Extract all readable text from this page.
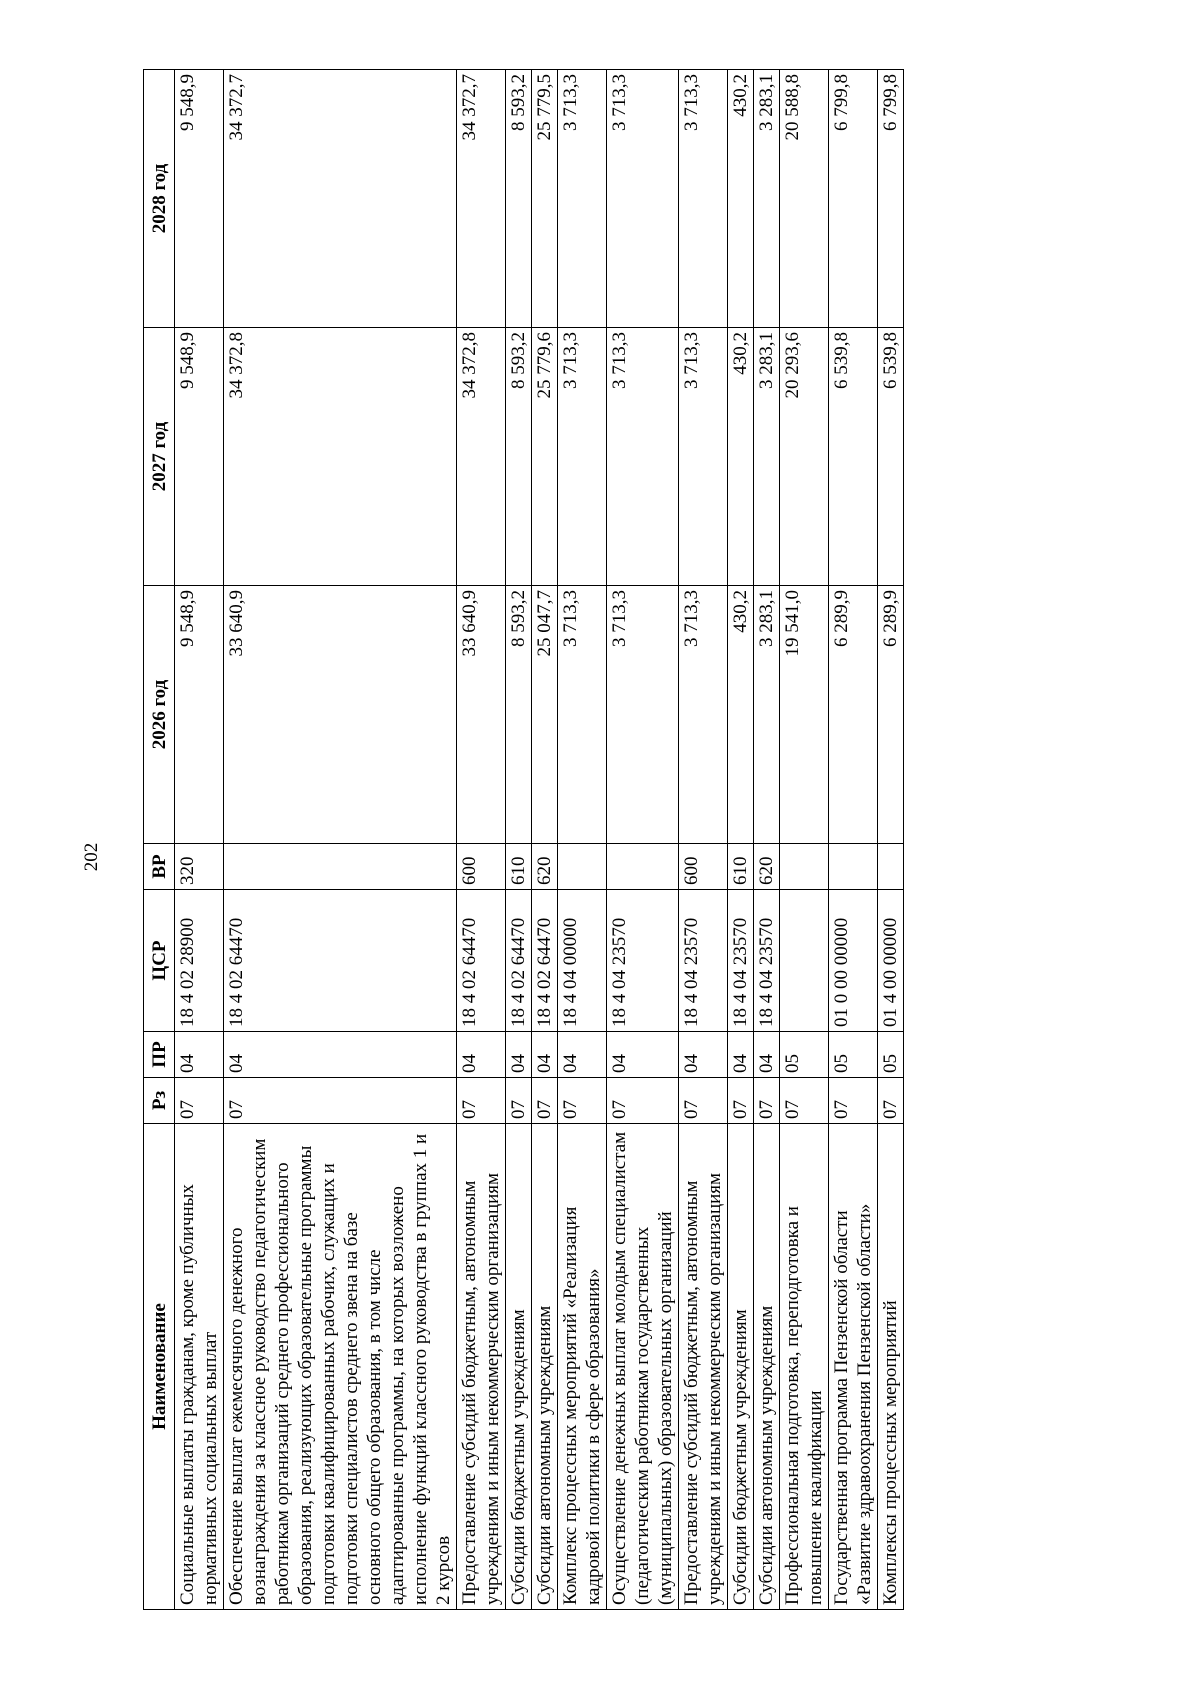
202
Наименование	Рз	ПР	ЦСР	ВР	2026 год	2027 год	2028 год
Социальные выплаты гражданам, кроме публичных нормативных социальных выплат	07	04	18 4 02 28900	320	9 548,9	9 548,9	9 548,9
Обеспечение выплат ежемесячного денежного вознаграждения за классное руководство педагогическим работникам организаций среднего профессионального образования, реализующих образовательные программы подготовки квалифицированных рабочих, служащих и подготовки специалистов среднего звена на базе основного общего образования, в том числе адаптированные программы, на которых возложено исполнение функций классного руководства в группах 1 и 2 курсов	07	04	18 4 02 64470		33 640,9	34 372,8	34 372,7
Предоставление субсидий бюджетным, автономным учреждениям и иным некоммерческим организациям	07	04	18 4 02 64470	600	33 640,9	34 372,8	34 372,7
Субсидии бюджетным учреждениям	07	04	18 4 02 64470	610	8 593,2	8 593,2	8 593,2
Субсидии автономным учреждениям	07	04	18 4 02 64470	620	25 047,7	25 779,6	25 779,5
Комплекс процессных мероприятий «Реализация кадровой политики в сфере образования»	07	04	18 4 04 00000		3 713,3	3 713,3	3 713,3
Осуществление денежных выплат молодым специалистам (педагогическим работникам государственных (муниципальных) образовательных организаций	07	04	18 4 04 23570		3 713,3	3 713,3	3 713,3
Предоставление субсидий бюджетным, автономным учреждениям и иным некоммерческим организациям	07	04	18 4 04 23570	600	3 713,3	3 713,3	3 713,3
Субсидии бюджетным учреждениям	07	04	18 4 04 23570	610	430,2	430,2	430,2
Субсидии автономным учреждениям	07	04	18 4 04 23570	620	3 283,1	3 283,1	3 283,1
Профессиональная подготовка, переподготовка и повышение квалификации	07	05			19 541,0	20 293,6	20 588,8
Государственная программа Пензенской области «Развитие здравоохранения Пензенской области»	07	05	01 0 00 00000		6 289,9	6 539,8	6 799,8
Комплексы процессных мероприятий	07	05	01 4 00 00000		6 289,9	6 539,8	6 799,8
